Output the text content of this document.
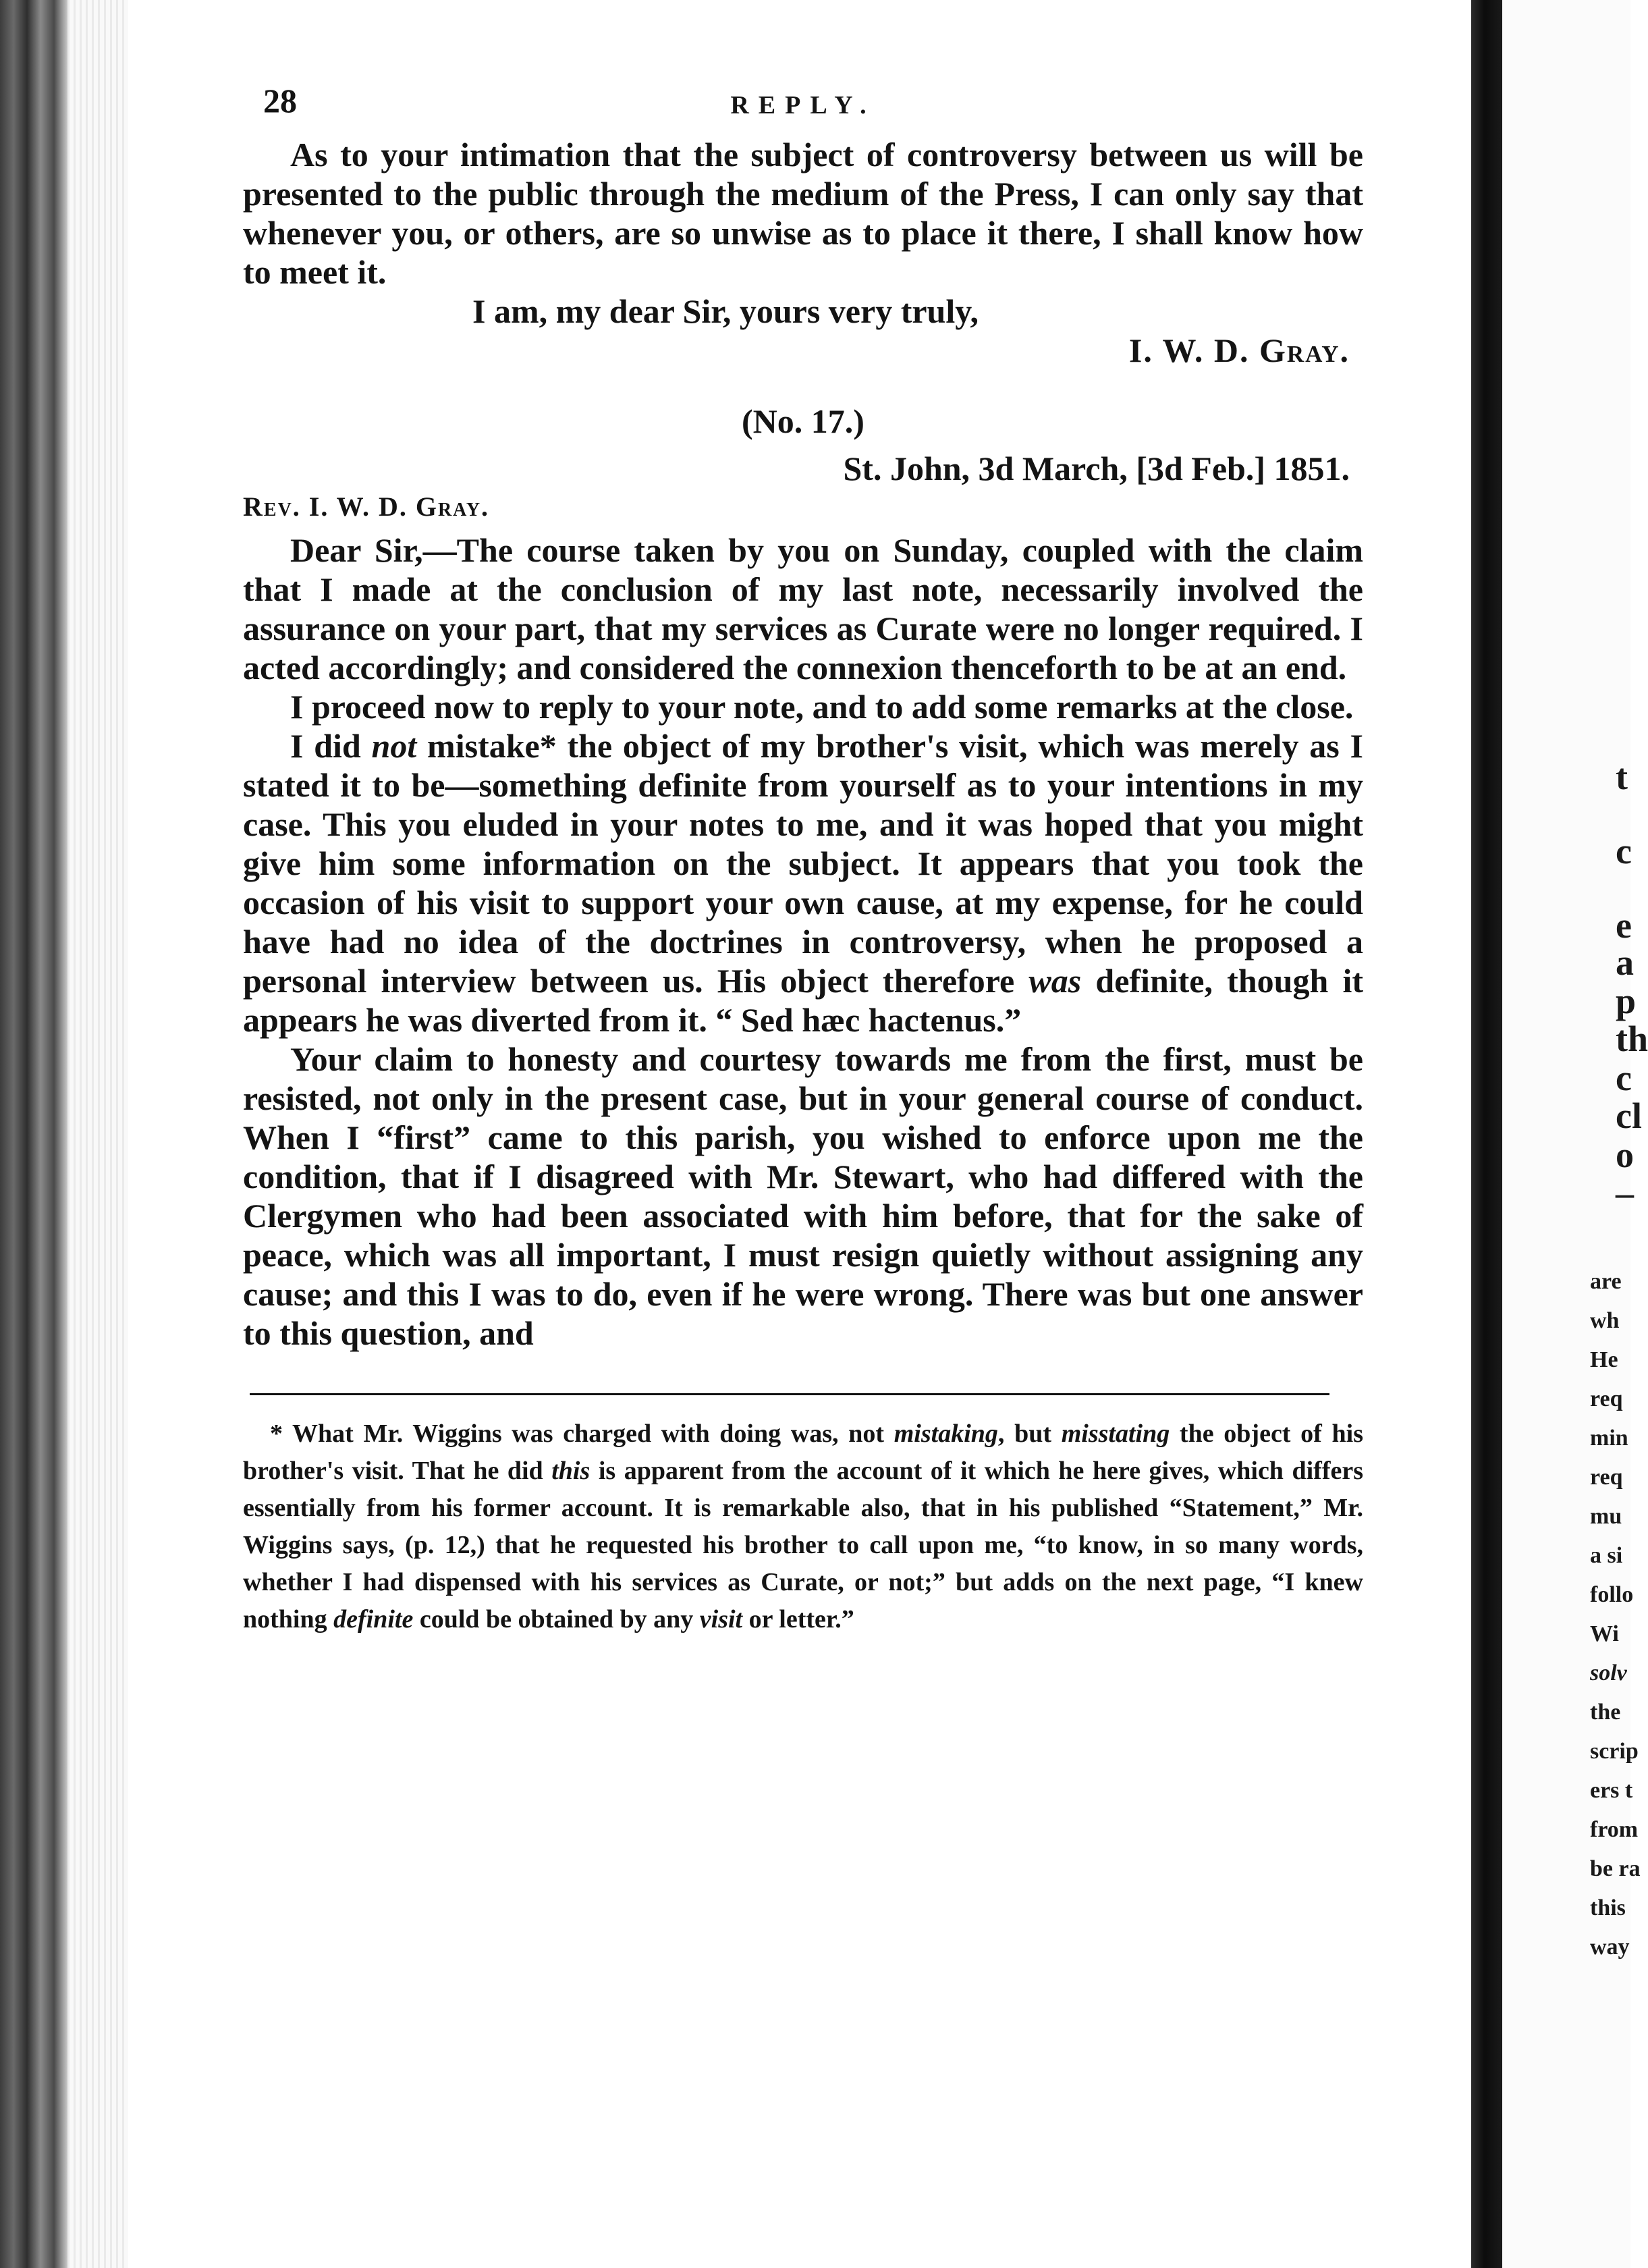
28	REPLY.

As to your intimation that the subject of controversy between us will be presented to the public through the medium of the Press, I can only say that whenever you, or others, are so unwise as to place it there, I shall know how to meet it.

I am, my dear Sir, yours very truly,
I. W. D. Gray.
(No. 17.)
St. John, 3d March, [3d Feb.] 1851.
Rev. I. W. D. Gray.

Dear Sir,—The course taken by you on Sunday, coupled with the claim that I made at the conclusion of my last note, necessarily involved the assurance on your part, that my services as Curate were no longer required. I acted accordingly; and considered the connexion thenceforth to be at an end.

I proceed now to reply to your note, and to add some remarks at the close.

I did not mistake* the object of my brother's visit, which was merely as I stated it to be—something definite from yourself as to your intentions in my case. This you eluded in your notes to me, and it was hoped that you might give him some information on the subject. It appears that you took the occasion of his visit to support your own cause, at my expense, for he could have had no idea of the doctrines in controversy, when he proposed a personal interview between us. His object therefore was definite, though it appears he was diverted from it. “ Sed hæc hactenus.”

Your claim to honesty and courtesy towards me from the first, must be resisted, not only in the present case, but in your general course of conduct. When I “first” came to this parish, you wished to enforce upon me the condition, that if I disagreed with Mr. Stewart, who had differed with the Clergymen who had been associated with him before, that for the sake of peace, which was all important, I must resign quietly without assigning any cause; and this I was to do, even if he were wrong. There was but one answer to this question, and

* What Mr. Wiggins was charged with doing was, not mistaking, but misstating the object of his brother's visit. That he did this is apparent from the account of it which he here gives, which differs essentially from his former account. It is remarkable also, that in his published “Statement,” Mr. Wiggins says, (p. 12,) that he requested his brother to call upon me, “to know, in so many words, whether I had dispensed with his services as Curate, or not;” but adds on the next page, “I knew nothing definite could be obtained by any visit or letter.”

t
c
e
a
p
th
c
cl
o
–
are
wh
He
req
min
req
mu
a si
follo
Wi
solv
the
scrip
ers t
from
be ra
this
way
